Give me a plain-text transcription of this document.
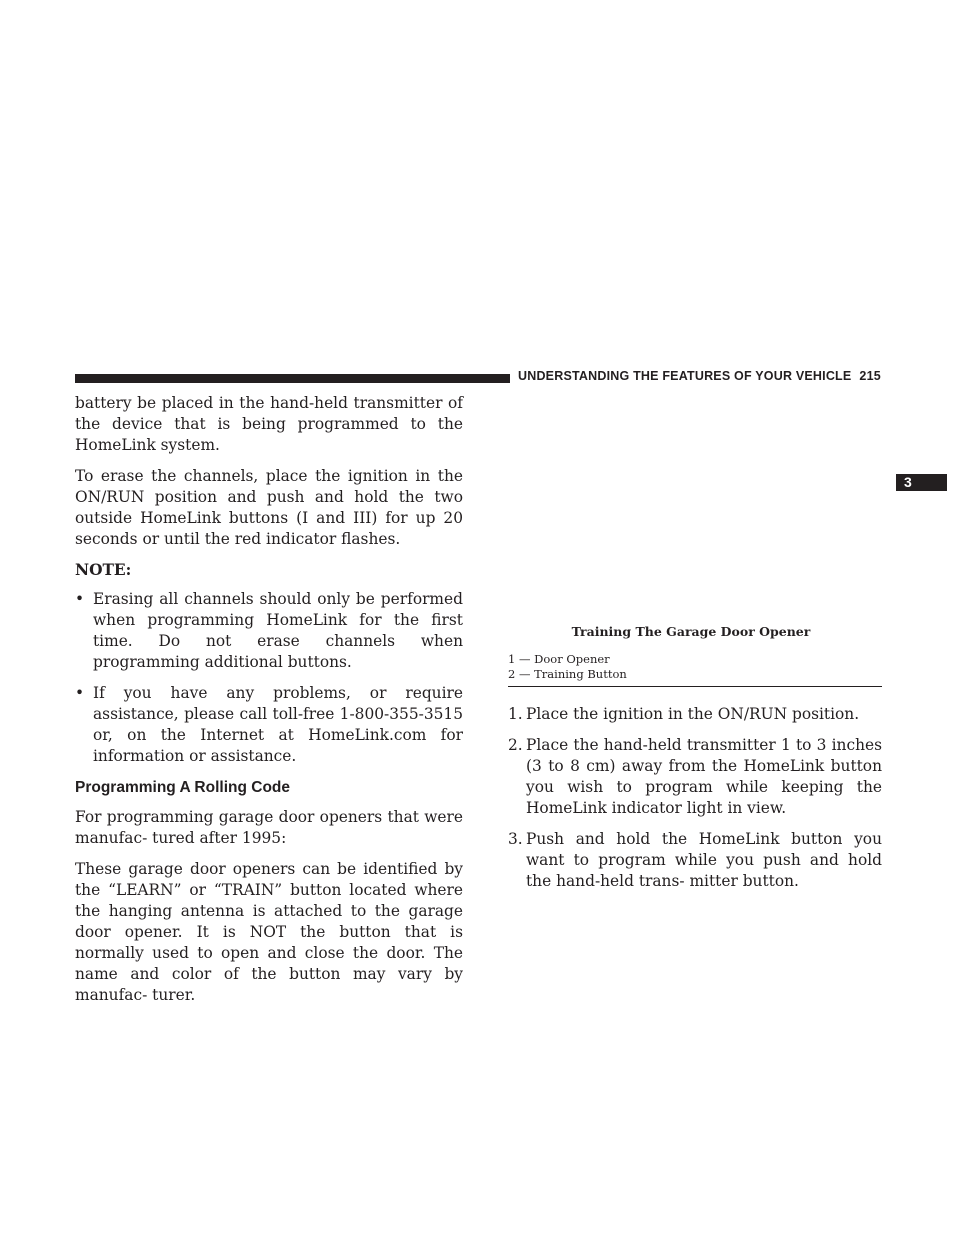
UNDERSTANDING THE FEATURES OF YOUR VEHICLE 215
3

battery be placed in the hand-held transmitter of the device that is being programmed to the HomeLink system.

To erase the channels, place the ignition in the ON/RUN position and push and hold the two outside HomeLink buttons (I and III) for up 20 seconds or until the red indicator flashes.

NOTE:
• Erasing all channels should only be performed when programming HomeLink for the first time. Do not erase channels when programming additional buttons.
• If you have any problems, or require assistance, please call toll-free 1-800-355-3515 or, on the Internet at HomeLink.com for information or assistance.
Programming A Rolling Code

For programming garage door openers that were manufac- tured after 1995:

These garage door openers can be identified by the “LEARN” or “TRAIN” button located where the hanging antenna is attached to the garage door opener. It is NOT the button that is normally used to open and close the door. The name and color of the button may vary by manufac- turer.

Training The Garage Door Opener
1 — Door Opener
2 — Training Button
1. Place the ignition in the ON/RUN position.
2. Place the hand-held transmitter 1 to 3 inches (3 to 8 cm) away from the HomeLink button you wish to program while keeping the HomeLink indicator light in view.
3. Push and hold the HomeLink button you want to program while you push and hold the hand-held trans- mitter button.
